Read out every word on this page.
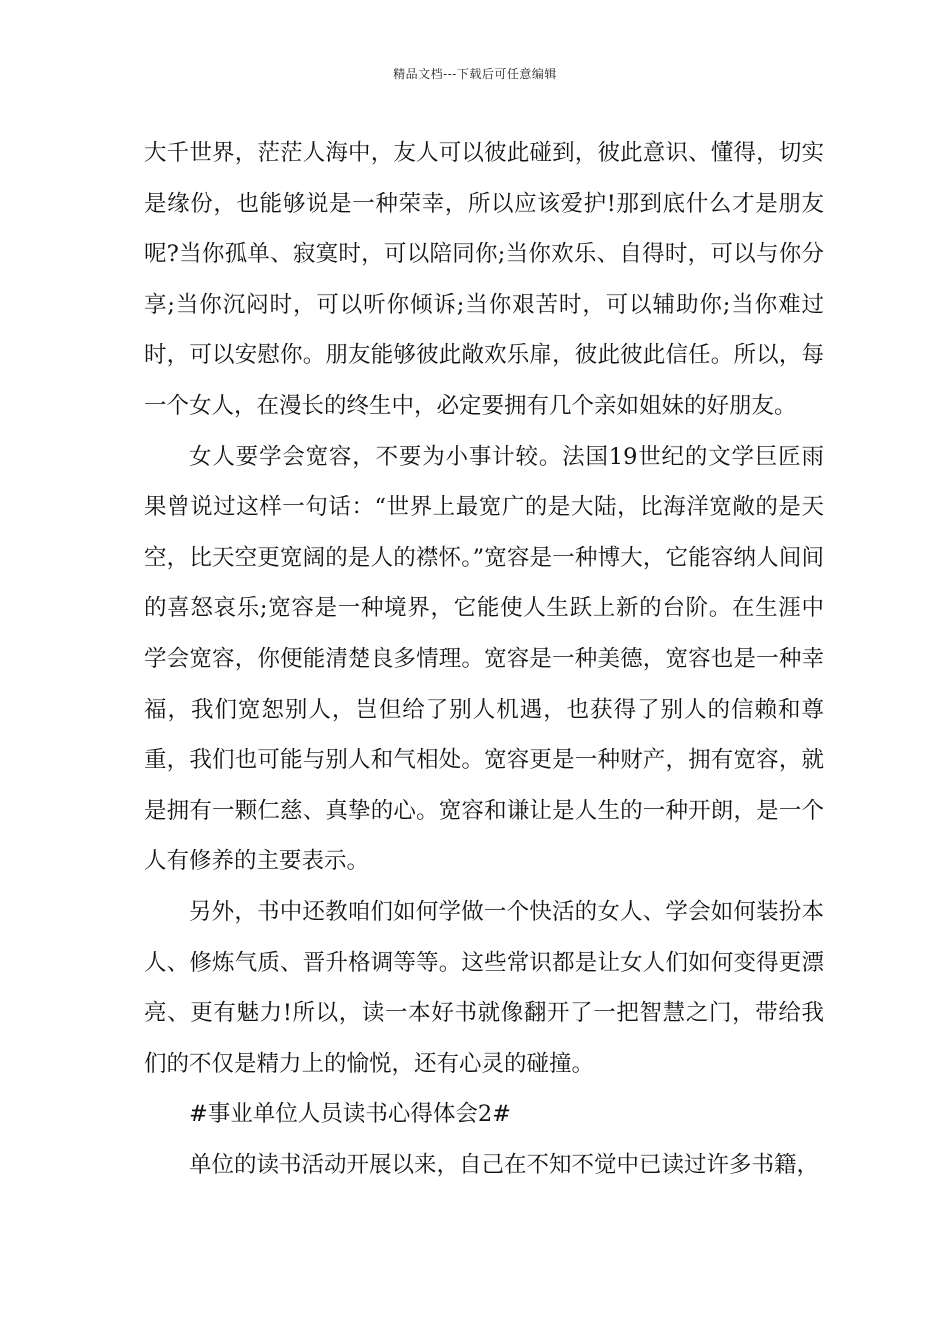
精品文档---下载后可任意编辑

大千世界，茫茫人海中，友人可以彼此碰到，彼此意识、懂得，切实是缘份，也能够说是一种荣幸，所以应该爱护!那到底什么才是朋友呢?当你孤单、寂寞时，可以陪同你;当你欢乐、自得时，可以与你分享;当你沉闷时，可以听你倾诉;当你艰苦时，可以辅助你;当你难过时，可以安慰你。朋友能够彼此敞欢乐扉，彼此彼此信任。所以，每一个女人，在漫长的终生中，必定要拥有几个亲如姐妹的好朋友。

女人要学会宽容，不要为小事计较。法国19世纪的文学巨匠雨果曾说过这样一句话：“世界上最宽广的是大陆，比海洋宽敞的是天空，比天空更宽阔的是人的襟怀。”宽容是一种博大，它能容纳人间间的喜怒哀乐;宽容是一种境界，它能使人生跃上新的台阶。在生涯中学会宽容，你便能清楚良多情理。宽容是一种美德，宽容也是一种幸福，我们宽恕别人，岂但给了别人机遇，也获得了别人的信赖和尊重，我们也可能与别人和气相处。宽容更是一种财产，拥有宽容，就是拥有一颗仁慈、真挚的心。宽容和谦让是人生的一种开朗，是一个人有修养的主要表示。

另外，书中还教咱们如何学做一个快活的女人、学会如何装扮本人、修炼气质、晋升格调等等。这些常识都是让女人们如何变得更漂亮、更有魅力!所以，读一本好书就像翻开了一把智慧之门，带给我们的不仅是精力上的愉悦，还有心灵的碰撞。

#事业单位人员读书心得体会2#

单位的读书活动开展以来，自己在不知不觉中已读过许多书籍，
